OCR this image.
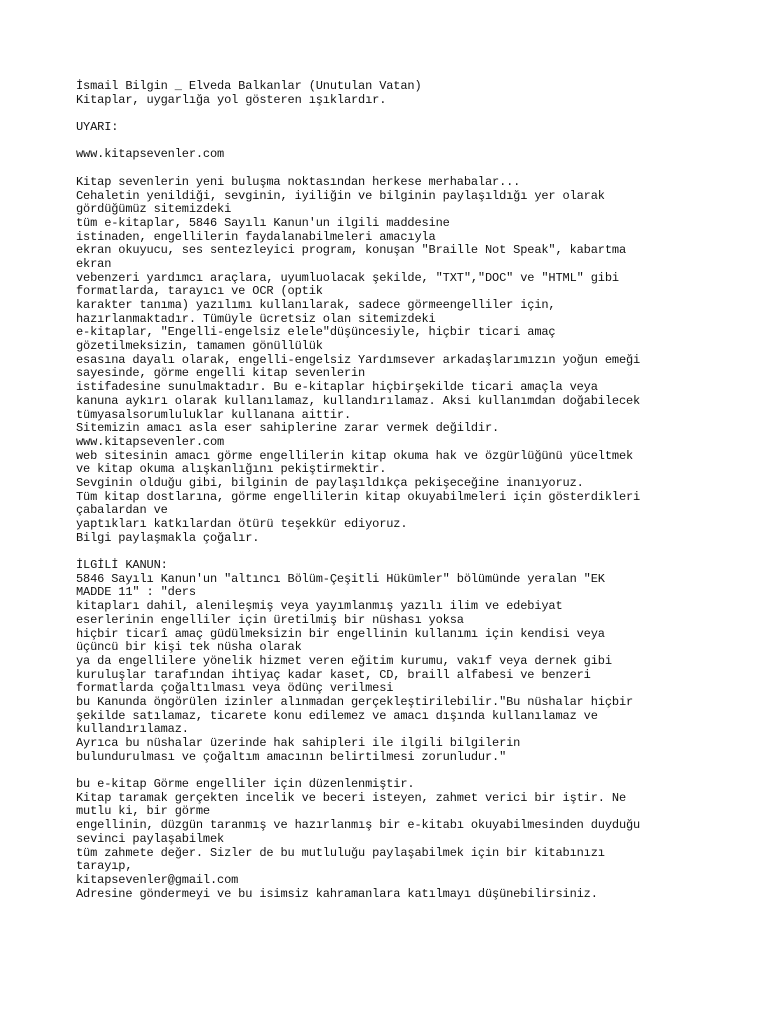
İsmail Bilgin _ Elveda Balkanlar (Unutulan Vatan)
Kitaplar, uygarlığa yol gösteren ışıklardır.
UYARI:
www.kitapsevenler.com
Kitap sevenlerin yeni buluşma noktasından herkese merhabalar...
Cehaletin yenildiği, sevginin, iyiliğin ve bilginin paylaşıldığı yer olarak
gördüğümüz sitemizdeki
tüm e-kitaplar, 5846 Sayılı Kanun'un ilgili maddesine
istinaden, engellilerin faydalanabilmeleri amacıyla
ekran okuyucu, ses sentezleyici program, konuşan "Braille Not Speak", kabartma
ekran
vebenzeri yardımcı araçlara, uyumluolacak şekilde, "TXT","DOC" ve "HTML" gibi
formatlarda, tarayıcı ve OCR (optik
karakter tanıma) yazılımı kullanılarak, sadece görmeengelliler için,
hazırlanmaktadır. Tümüyle ücretsiz olan sitemizdeki
e-kitaplar, "Engelli-engelsiz elele"düşüncesiyle, hiçbir ticari amaç
gözetilmeksizin, tamamen gönüllülük
esasına dayalı olarak, engelli-engelsiz Yardımsever arkadaşlarımızın yoğun emeği
sayesinde, görme engelli kitap sevenlerin
istifadesine sunulmaktadır. Bu e-kitaplar hiçbirşekilde ticari amaçla veya
kanuna aykırı olarak kullanılamaz, kullandırılamaz. Aksi kullanımdan doğabilecek
tümyasalsorumluluklar kullanana aittir.
Sitemizin amacı asla eser sahiplerine zarar vermek değildir.
www.kitapsevenler.com
web sitesinin amacı görme engellilerin kitap okuma hak ve özgürlüğünü yüceltmek
ve kitap okuma alışkanlığını pekiştirmektir.
Sevginin olduğu gibi, bilginin de paylaşıldıkça pekişeceğine inanıyoruz.
Tüm kitap dostlarına, görme engellilerin kitap okuyabilmeleri için gösterdikleri
çabalardan ve
yaptıkları katkılardan ötürü teşekkür ediyoruz.
Bilgi paylaşmakla çoğalır.
İLGİLİ KANUN:
5846 Sayılı Kanun'un "altıncı Bölüm-Çeşitli Hükümler" bölümünde yeralan "EK
MADDE 11" : "ders
kitapları dahil, alenileşmiş veya yayımlanmış yazılı ilim ve edebiyat
eserlerinin engelliler için üretilmiş bir nüshası yoksa
hiçbir ticarî amaç güdülmeksizin bir engellinin kullanımı için kendisi veya
üçüncü bir kişi tek nüsha olarak
ya da engellilere yönelik hizmet veren eğitim kurumu, vakıf veya dernek gibi
kuruluşlar tarafından ihtiyaç kadar kaset, CD, braill alfabesi ve benzeri
formatlarda çoğaltılması veya ödünç verilmesi
bu Kanunda öngörülen izinler alınmadan gerçekleştirilebilir."Bu nüshalar hiçbir
şekilde satılamaz, ticarete konu edilemez ve amacı dışında kullanılamaz ve
kullandırılamaz.
Ayrıca bu nüshalar üzerinde hak sahipleri ile ilgili bilgilerin
bulundurulması ve çoğaltım amacının belirtilmesi zorunludur."
bu e-kitap Görme engelliler için düzenlenmiştir.
Kitap taramak gerçekten incelik ve beceri isteyen, zahmet verici bir iştir. Ne
mutlu ki, bir görme
engellinin, düzgün taranmış ve hazırlanmış bir e-kitabı okuyabilmesinden duyduğu
sevinci paylaşabilmek
tüm zahmete değer. Sizler de bu mutluluğu paylaşabilmek için bir kitabınızı
tarayıp,
kitapsevenler@gmail.com
Adresine göndermeyi ve bu isimsiz kahramanlara katılmayı düşünebilirsiniz.
